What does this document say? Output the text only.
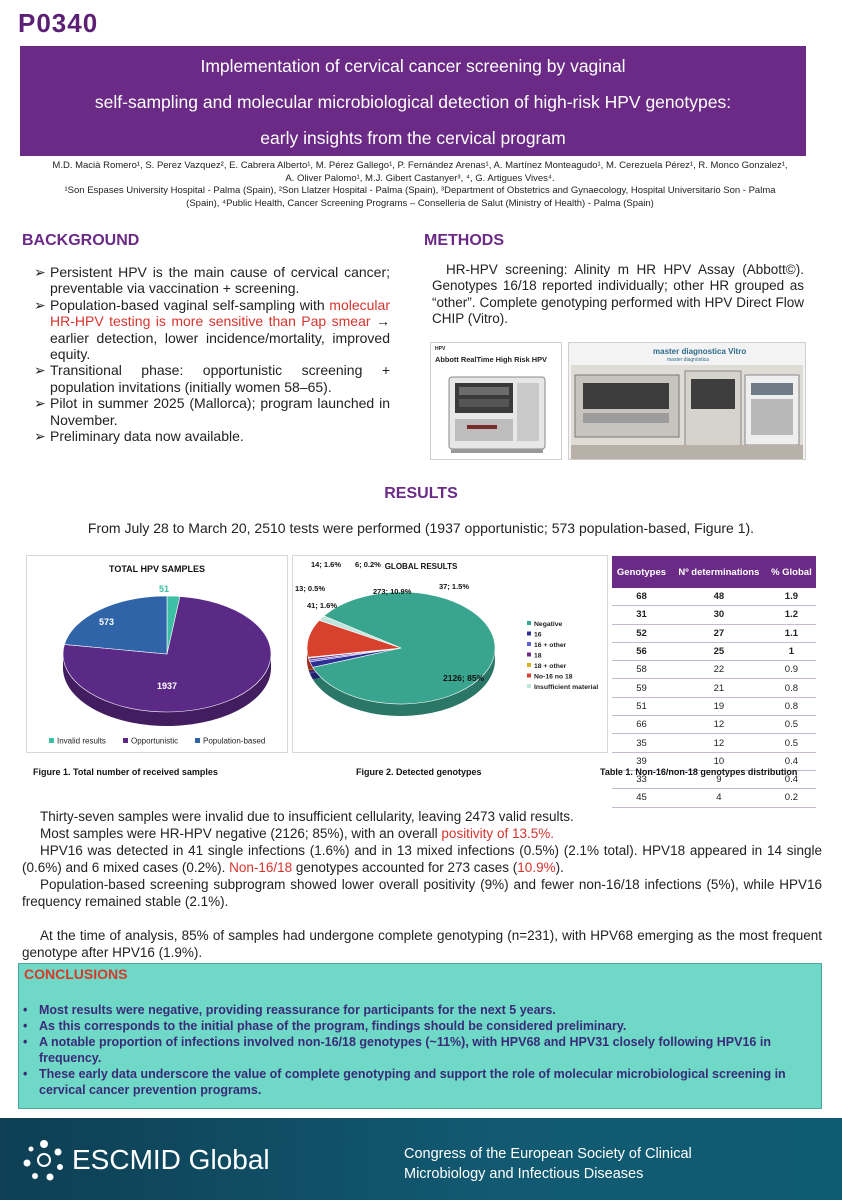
P0340
Implementation of cervical cancer screening by vaginal
self-sampling and molecular microbiological detection of high-risk HPV genotypes:
early insights from the cervical program
M.D. Macià Romero¹, S. Perez Vazquez², E. Cabrera Alberto¹, M. Pérez Gallego¹, P. Fernández Arenas¹, A. Martínez Monteagudo¹, M. Cerezuela Pérez¹, R. Monco Gonzalez¹,
A. Oliver Palomo¹, M.J. Gibert Castanyer³, ⁴, G. Artigues Vives⁴.
¹Son Espases University Hospital - Palma (Spain), ²Son Llatzer Hospital - Palma (Spain), ³Department of Obstetrics and Gynaecology, Hospital Universitario Son - Palma
(Spain), ⁴Public Health, Cancer Screening Programs – Conselleria de Salut (Ministry of Health) - Palma (Spain)
BACKGROUND
➢ Persistent HPV is the main cause of cervical cancer; preventable via vaccination + screening.
➢ Population-based vaginal self-sampling with molecular HR-HPV testing is more sensitive than Pap smear → earlier detection, lower incidence/mortality, improved equity.
➢ Transitional phase: opportunistic screening + population invitations (initially women 58–65).
➢ Pilot in summer 2025 (Mallorca); program launched in November.
➢ Preliminary data now available.
METHODS
HR-HPV screening: Alinity m HR HPV Assay (Abbott©). Genotypes 16/18 reported individually; other HR grouped as “other”. Complete genotyping performed with HPV Direct Flow CHIP (Vitro).
HPV
Abbott RealTime High Risk HPV
master diagnostica Vitro
master diagnóstica
RESULTS
From July 28 to March 20, 2510 tests were performed (1937 opportunistic; 573 population-based, Figure 1).
TOTAL HPV SAMPLES
1937
573
51
Invalid results	Opportunistic	Population-based
GLOBAL RESULTS
2126; 85%
41; 1.6%
13; 0.5%
14; 1.6% 6; 0.2%
273; 10.9%
37; 1.5%
Negative
16
16 + other
18
18 + other
No-16 no 18
Insufficient material
Genotypes	Nº determinations	% Global
68	48	1.9
31	30	1.2
52	27	1.1
56	25	1
58	22	0.9
59	21	0.8
51	19	0.8
66	12	0.5
35	12	0.5
39	10	0.4
33	9	0.4
45	4	0.2
Figure 1. Total number of received samples	Figure 2. Detected genotypes	Table 1. Non-16/non-18 genotypes distribution

Thirty-seven samples were invalid due to insufficient cellularity, leaving 2473 valid results.

Most samples were HR-HPV negative (2126; 85%), with an overall positivity of 13.5%.

HPV16 was detected in 41 single infections (1.6%) and in 13 mixed infections (0.5%) (2.1% total). HPV18 appeared in 14 single (0.6%) and 6 mixed cases (0.2%). Non-16/18 genotypes accounted for 273 cases (10.9%).

Population-based screening subprogram showed lower overall positivity (9%) and fewer non-16/18 infections (5%), while HPV16 frequency remained stable (2.1%).

At the time of analysis, 85% of samples had undergone complete genotyping (n=231), with HPV68 emerging as the most frequent genotype after HPV16 (1.9%).

CONCLUSIONS
• Most results were negative, providing reassurance for participants for the next 5 years.
• As this corresponds to the initial phase of the program, findings should be considered preliminary.
• A notable proportion of infections involved non-16/18 genotypes (~11%), with HPV68 and HPV31 closely following HPV16 in frequency.
• These early data underscore the value of complete genotyping and support the role of molecular microbiological screening in cervical cancer prevention programs.
ESCMID Global	Congress of the European Society of Clinical
Microbiology and Infectious Diseases
